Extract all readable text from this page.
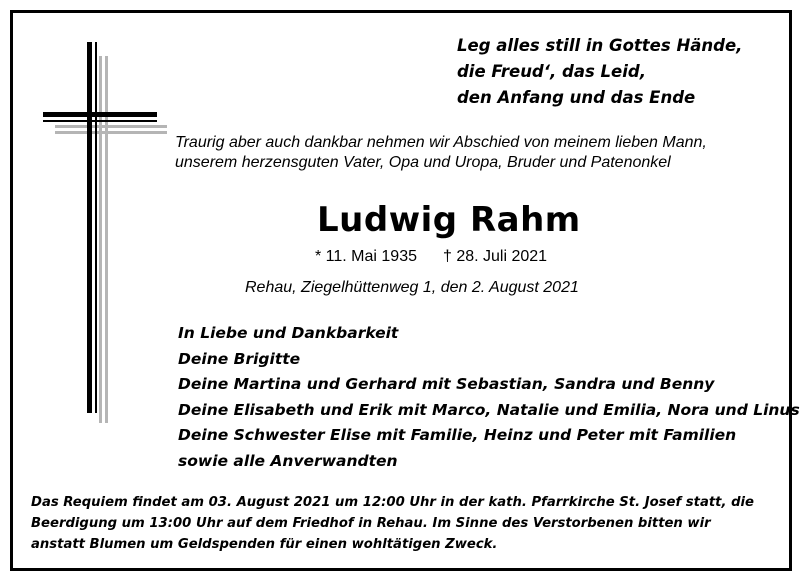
Leg alles still in Gottes Hände,
die Freud‘, das Leid,
den Anfang und das Ende
Traurig aber auch dankbar nehmen wir Abschied von meinem lieben Mann,
unserem herzensguten Vater, Opa und Uropa, Bruder und Patenonkel
Ludwig Rahm
* 11. Mai 1935 † 28. Juli 2021
Rehau, Ziegelhüttenweg 1, den 2. August 2021
In Liebe und Dankbarkeit
Deine Brigitte
Deine Martina und Gerhard mit Sebastian, Sandra und Benny
Deine Elisabeth und Erik mit Marco, Natalie und Emilia, Nora und Linus
Deine Schwester Elise mit Familie, Heinz und Peter mit Familien
sowie alle Anverwandten
Das Requiem findet am 03. August 2021 um 12:00 Uhr in der kath. Pfarrkirche St. Josef statt, die
Beerdigung um 13:00 Uhr auf dem Friedhof in Rehau. Im Sinne des Verstorbenen bitten wir
anstatt Blumen um Geldspenden für einen wohltätigen Zweck.
